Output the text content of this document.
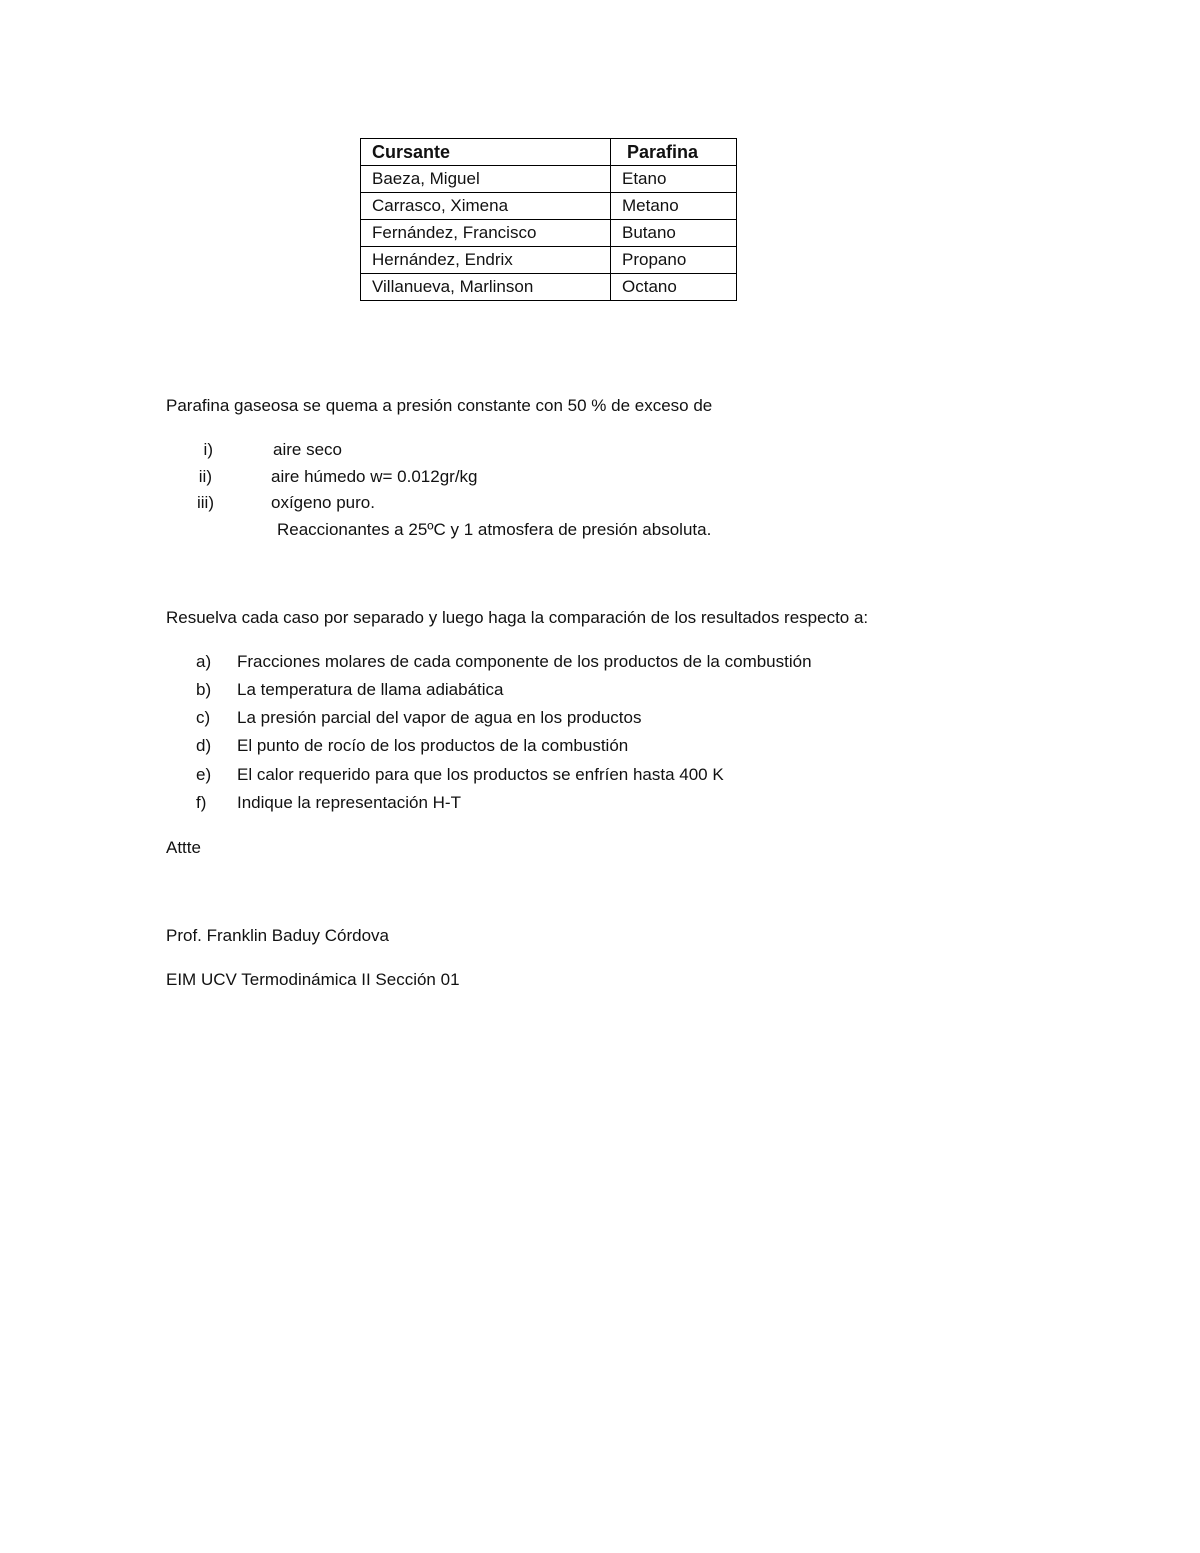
Cursante	Parafina
Baeza, Miguel	Etano
Carrasco, Ximena	Metano
Fernández, Francisco	Butano
Hernández, Endrix	Propano
Villanueva, Marlinson	Octano
Parafina gaseosa se quema a presión constante con 50 % de exceso de
i)	aire seco
ii)	aire húmedo w= 0.012gr/kg
iii)	oxígeno puro.
Reaccionantes a 25ºC y 1 atmosfera de presión absoluta.
Resuelva cada caso por separado y luego haga la comparación de los resultados respecto a:
a) Fracciones molares de cada componente de los productos de la combustión
b) La temperatura de llama adiabática
c) La presión parcial del vapor de agua en los productos
d) El punto de rocío de los productos de la combustión
e) El calor requerido para que los productos se enfríen hasta 400 K
f) Indique la representación H-T
Attte
Prof. Franklin Baduy Córdova
EIM UCV Termodinámica II Sección 01
